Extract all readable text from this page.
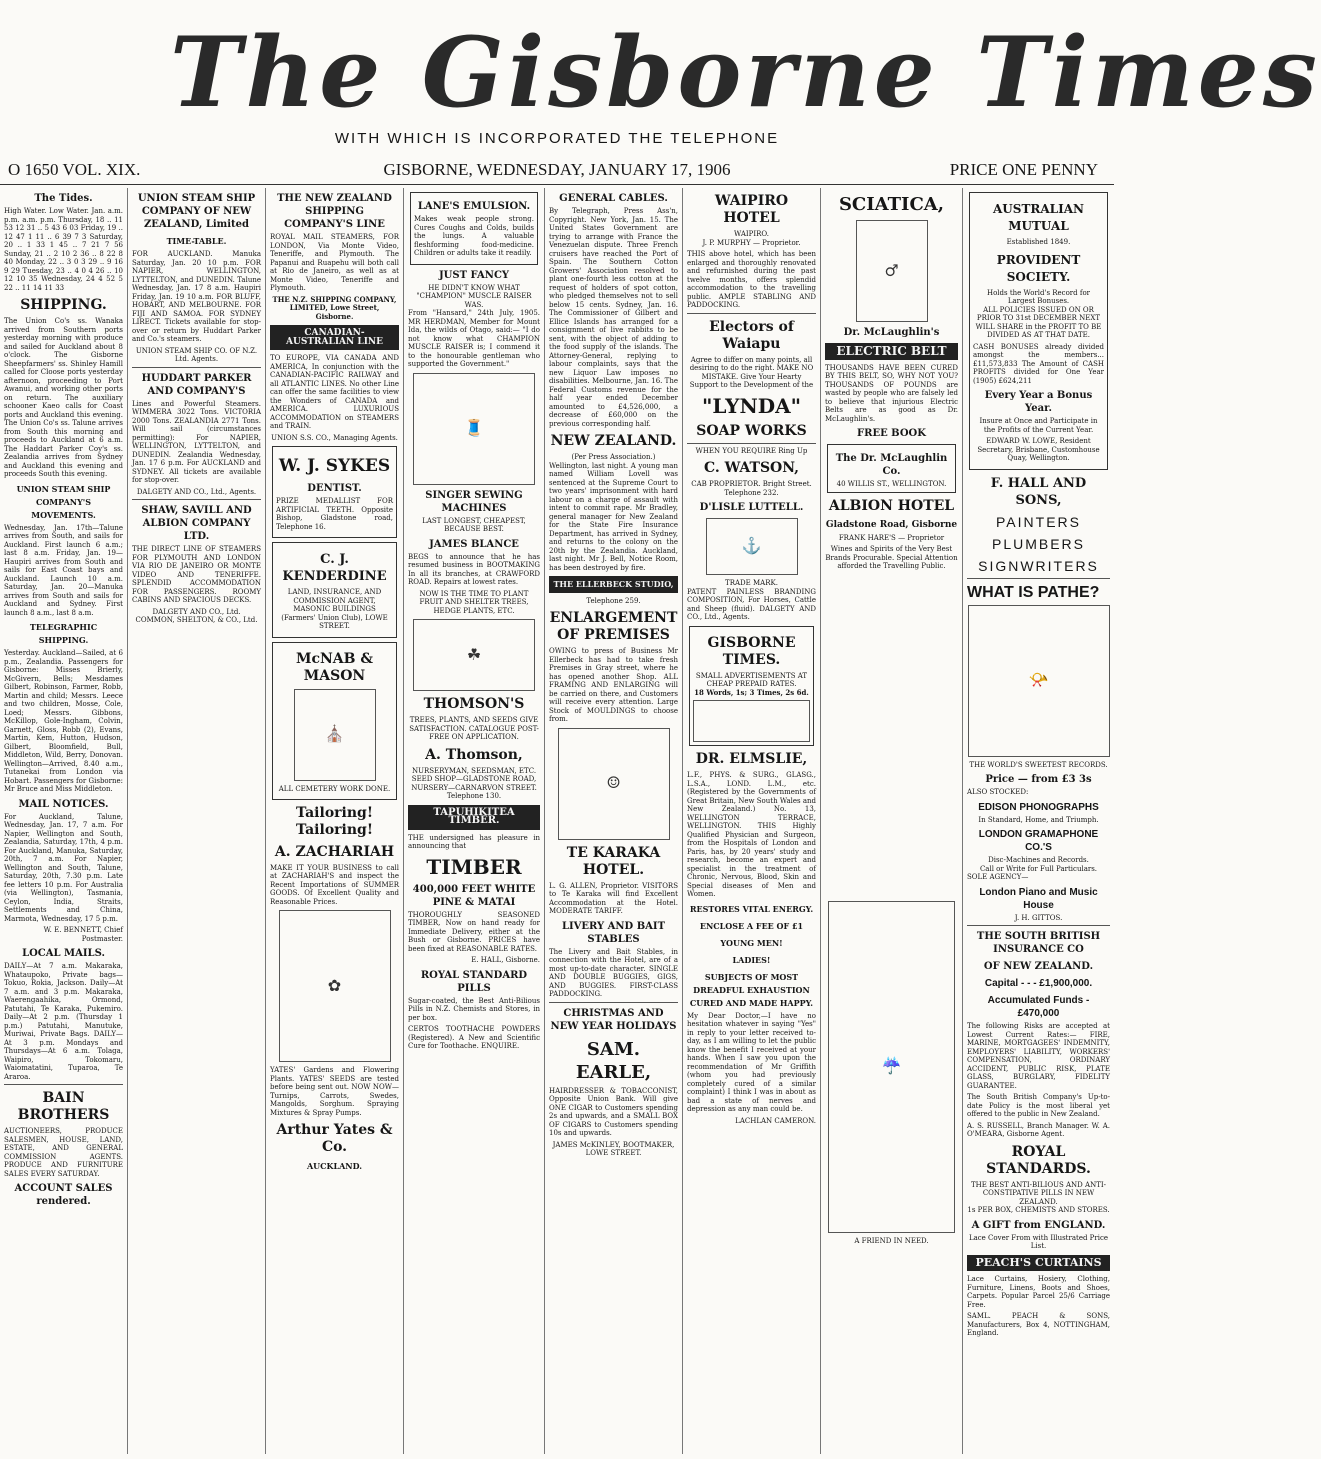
The Gisborne Times
WITH WHICH IS INCORPORATED THE TELEPHONE
O 1650 VOL. XIX.	GISBORNE, WEDNESDAY, JANUARY 17, 1906	PRICE ONE PENNY
The Tides.

High Water. Low Water. Jan. a.m. p.m. a.m. p.m. Thursday, 18 .. 11 53 12 31 .. 5 43 6 03 Friday, 19 .. 12 47 1 11 .. 6 39 7 3 Saturday, 20 .. 1 33 1 45 .. 7 21 7 56 Sunday, 21 .. 2 10 2 36 .. 8 22 8 40 Monday, 22 .. 3 0 3 29 .. 9 16 9 29 Tuesday, 23 .. 4 0 4 26 .. 10 12 10 35 Wednesday, 24 4 52 5 22 .. 11 14 11 33

SHIPPING.

The Union Co's ss. Wanaka arrived from Southern ports yesterday morning with produce and sailed for Auckland about 8 o'clock. The Gisborne Sheepfarmers' ss. Shinley Hamill called for Cloose ports yesterday afternoon, proceeding to Port Awanui, and working other ports on return. The auxiliary schooner Kaeo calls for Coast ports and Auckland this evening. The Union Co's ss. Talune arrives from South this morning and proceeds to Auckland at 6 a.m. The Haddart Parker Coy's ss. Zealandia arrives from Sydney and Auckland this evening and proceeds South this evening.

UNION STEAM SHIP COMPANY'S MOVEMENTS.

Wednesday, Jan. 17th—Talune arrives from South, and sails for Auckland. First launch 6 a.m.; last 8 a.m. Friday, Jan. 19—Haupiri arrives from South and sails for East Coast bays and Auckland. Launch 10 a.m. Saturday, Jan. 20—Manuka arrives from South and sails for Auckland and Sydney. First launch 8 a.m., last 8 a.m.

TELEGRAPHIC SHIPPING.

Yesterday. Auckland—Sailed, at 6 p.m., Zealandia. Passengers for Gisborne: Misses Brierly, McGivern, Bells; Mesdames Gilbert, Robinson, Farmer, Robb, Martin and child; Messrs. Leece and two children, Mosse, Cole, Loed; Messrs. Gibbons, McKillop, Gole-Ingham, Colvin, Garnett, Gloss, Robb (2), Evans, Martin, Kem, Hutton, Hudson, Gilbert, Bloomfield, Bull, Middleton, Wild, Berry, Donovan. Wellington—Arrived, 8.40 a.m., Tutanekai from London via Hobart. Passengers for Gisborne: Mr Bruce and Miss Middleton.

MAIL NOTICES.

For Auckland, Talune, Wednesday, Jan. 17, 7 a.m. For Napier, Wellington and South, Zealandia, Saturday, 17th, 4 p.m. For Auckland, Manuka, Saturday, 20th, 7 a.m. For Napier, Wellington and South, Talune, Saturday, 20th, 7.30 p.m. Late fee letters 10 p.m. For Australia (via Wellington), Tasmania, Ceylon, India, Straits, Settlements and China, Marmota, Wednesday, 17 5 p.m.

W. E. BENNETT, Chief Postmaster.

LOCAL MAILS.

DAILY—At 7 a.m. Makaraka, Whataupoko, Private bags—Tokuo, Rokia, Jackson. Daily—At 7 a.m. and 3 p.m. Makaraka, Waerengaahika, Ormond, Patutahi, Te Karaka, Pukemiro. Daily—At 2 p.m. (Thursday 1 p.m.) Patutahi, Manutuke, Muriwai, Private Bags. DAILY—At 3 p.m. Mondays and Thursdays—At 6 a.m. Tolaga, Waipiro, Tokomaru, Waiomatatini, Tuparoa, Te Araroa.

BAIN BROTHERS

AUCTIONEERS, PRODUCE SALESMEN, HOUSE, LAND, ESTATE, AND GENERAL COMMISSION AGENTS. PRODUCE AND FURNITURE SALES EVERY SATURDAY.

ACCOUNT SALES rendered.
UNION STEAM SHIP COMPANY OF NEW ZEALAND, Limited
TIME-TABLE.

FOR AUCKLAND. Manuka Saturday, Jan. 20 10 p.m. FOR NAPIER, WELLINGTON, LYTTELTON, and DUNEDIN. Talune Wednesday, Jan. 17 8 a.m. Haupiri Friday, Jan. 19 10 a.m. FOR BLUFF, HOBART, AND MELBOURNE. FOR FIJI AND SAMOA. FOR SYDNEY LIRECT. Tickets available for stop-over or return by Huddart Parker and Co.'s steamers.

UNION STEAM SHIP CO. OF N.Z. Ltd. Agents.

HUDDART PARKER AND COMPANY'S

Lines and Powerful Steamers. WIMMERA 3022 Tons. VICTORIA 2000 Tons. ZEALANDIA 2771 Tons. Will sail (circumstances permitting): For NAPIER, WELLINGTON, LYTTELTON, and DUNEDIN. Zealandia Wednesday, Jan. 17 6 p.m. For AUCKLAND and SYDNEY. All tickets are available for stop-over.

DALGETY AND CO., Ltd., Agents.

SHAW, SAVILL AND ALBION COMPANY LTD.

THE DIRECT LINE OF STEAMERS FOR PLYMOUTH AND LONDON VIA RIO DE JANEIRO OR MONTE VIDEO AND TENERIFFE. SPLENDID ACCOMMODATION FOR PASSENGERS. ROOMY CABINS AND SPACIOUS DECKS.

DALGETY AND CO., Ltd. COMMON, SHELTON, & CO., Ltd.

THE NEW ZEALAND SHIPPING COMPANY'S LINE

ROYAL MAIL STEAMERS, FOR LONDON, Via Monte Video, Teneriffe, and Plymouth. The Papanui and Ruapehu will both call at Rio de Janeiro, as well as at Monte Video, Teneriffe and Plymouth.

THE N.Z. SHIPPING COMPANY, LIMITED, Lowe Street, Gisborne.

CANADIAN-AUSTRALIAN LINE

TO EUROPE, VIA CANADA AND AMERICA, In conjunction with the CANADIAN-PACIFIC RAILWAY and all ATLANTIC LINES. No other Line can offer the same facilities to view the Wonders of CANADA and AMERICA. LUXURIOUS ACCOMMODATION on STEAMERS and TRAIN.

UNION S.S. CO., Managing Agents.

W. J. SYKES
DENTIST.

PRIZE MEDALLIST FOR ARTIFICIAL TEETH. Opposite Bishop, Gladstone road, Telephone 16.

C. J. KENDERDINE

LAND, INSURANCE, AND COMMISSION AGENT, MASONIC BUILDINGS (Farmers' Union Club), LOWE STREET.

McNAB & MASON
⛪
ALL CEMETERY WORK DONE.
Tailoring! Tailoring!
A. ZACHARIAH

MAKE IT YOUR BUSINESS to call at ZACHARIAH'S and inspect the Recent Importations of SUMMER GOODS. Of Excellent Quality and Reasonable Prices.

✿

YATES' Gardens and Flowering Plants. YATES' SEEDS are tested before being sent out. NOW NOW— Turnips, Carrots, Swedes, Mangolds, Sorghum. Spraying Mixtures & Spray Pumps.

Arthur Yates & Co.
AUCKLAND.
LANE'S EMULSION.

Makes weak people strong. Cures Coughs and Colds, builds the lungs. A valuable fleshforming food-medicine. Children or adults take it readily.

JUST FANCY
HE DIDN'T KNOW WHAT "CHAMPION" MUSCLE RAISER WAS.

From "Hansard," 24th July, 1905. MR HERDMAN, Member for Mount Ida, the wilds of Otago, said:— "I do not know what CHAMPION MUSCLE RAISER is; I commend it to the honourable gentleman who supported the Government."

🧵
SINGER SEWING MACHINES
LAST LONGEST, CHEAPEST, BECAUSE BEST.
JAMES BLANCE

BEGS to announce that he has resumed business in BOOTMAKING In all its branches, at CRAWFORD ROAD. Repairs at lowest rates.

NOW IS THE TIME TO PLANT FRUIT AND SHELTER TREES, HEDGE PLANTS, ETC.

☘
THOMSON'S

TREES, PLANTS, AND SEEDS GIVE SATISFACTION. CATALOGUE POST-FREE ON APPLICATION.

A. Thomson,

NURSERYMAN, SEEDSMAN, ETC. SEED SHOP—GLADSTONE ROAD, NURSERY—CARNARVON STREET. Telephone 130.

TAPUHIKITEA TIMBER.

THE undersigned has pleasure in announcing that

TIMBER
400,000 FEET WHITE PINE & MATAI

THOROUGHLY SEASONED TIMBER, Now on hand ready for Immediate Delivery, either at the Bush or Gisborne. PRICES have been fixed at REASONABLE RATES.

E. HALL, Gisborne.

ROYAL STANDARD PILLS

Sugar-coated, the Best Anti-Bilious Pills in N.Z. Chemists and Stores, in per box.

CERTOS TOOTHACHE POWDERS (Registered). A New and Scientific Cure for Toothache. ENQUIRE.

GENERAL CABLES.

By Telegraph, Press Ass'n, Copyright. New York, Jan. 15. The United States Government are trying to arrange with France the Venezuelan dispute. Three French cruisers have reached the Port of Spain. The Southern Cotton Growers' Association resolved to plant one-fourth less cotton at the request of holders of spot cotton, who pledged themselves not to sell below 15 cents. Sydney, Jan. 16. The Commissioner of Gilbert and Ellice Islands has arranged for a consignment of live rabbits to be sent, with the object of adding to the food supply of the islands. The Attorney-General, replying to labour complaints, says that the new Liquor Law imposes no disabilities. Melbourne, Jan. 16. The Federal Customs revenue for the half year ended December amounted to £4,526,000, a decrease of £60,000 on the previous corresponding half.

NEW ZEALAND.
(Per Press Association.)

Wellington, last night. A young man named William Lovell was sentenced at the Supreme Court to two years' imprisonment with hard labour on a charge of assault with intent to commit rape. Mr Bradley, general manager for New Zealand for the State Fire Insurance Department, has arrived in Sydney, and returns to the colony on the 20th by the Zealandia. Auckland, last night. Mr J. Bell, Notice Room, has been destroyed by fire.

THE ELLERBECK STUDIO,
Telephone 259.
ENLARGEMENT OF PREMISES

OWING to press of Business Mr Ellerbeck has had to take fresh Premises in Gray street, where he has opened another Shop. ALL FRAMING AND ENLARGING will be carried on there, and Customers will receive every attention. Large Stock of MOULDINGS to choose from.

☺
TE KARAKA HOTEL.

L. G. ALLEN, Proprietor. VISITORS to Te Karaka will find Excellent Accommodation at the Hotel. MODERATE TARIFF.

LIVERY AND BAIT STABLES

The Livery and Bait Stables, in connection with the Hotel, are of a most up-to-date character. SINGLE AND DOUBLE BUGGIES, GIGS, AND BUGGIES. FIRST-CLASS PADDOCKING.

CHRISTMAS AND NEW YEAR HOLIDAYS
SAM. EARLE,

HAIRDRESSER & TOBACCONIST, Opposite Union Bank. Will give ONE CIGAR to Customers spending 2s and upwards, and a SMALL BOX OF CIGARS to Customers spending 10s and upwards.

JAMES McKINLEY, BOOTMAKER, LOWE STREET.

WAIPIRO HOTEL
WAIPIRO.

J. P. MURPHY — Proprietor.

THIS above hotel, which has been enlarged and thoroughly renovated and refurnished during the past twelve months, offers splendid accommodation to the travelling public. AMPLE STABLING AND PADDOCKING.

Electors of Waiapu

Agree to differ on many points, all desiring to do the right. MAKE NO MISTAKE. Give Your Hearty Support to the Development of the

"LYNDA"
SOAP WORKS
WHEN YOU REQUIRE Ring Up
C. WATSON,
CAB PROPRIETOR. Bright Street. Telephone 232.
D'LISLE LUTTELL.
⚓
TRADE MARK.

PATENT PAINLESS BRANDING COMPOSITION, For Horses, Cattle and Sheep (fluid). DALGETY AND CO., Ltd., Agents.

GISBORNE TIMES.
SMALL ADVERTISEMENTS AT CHEAP PREPAID RATES.
18 Words, 1s; 3 Times, 2s 6d.
DR. ELMSLIE,

L.F., PHYS. & SURG., GLASG., L.S.A., LOND. L.M., etc. (Registered by the Governments of Great Britain, New South Wales and New Zealand.) No. 13, WELLINGTON TERRACE, WELLINGTON. THIS Highly Qualified Physician and Surgeon, from the Hospitals of London and Paris, has, by 20 years' study and research, become an expert and specialist in the treatment of Chronic, Nervous, Blood, Skin and Special diseases of Men and Women.

RESTORES VITAL ENERGY.
ENCLOSE A FEE OF £1
YOUNG MEN!
LADIES!
SUBJECTS OF MOST DREADFUL EXHAUSTION CURED AND MADE HAPPY.

My Dear Doctor,—I have no hesitation whatever in saying "Yes" in reply to your letter received to-day, as I am willing to let the public know the benefit I received at your hands. When I saw you upon the recommendation of Mr Griffith (whom you had previously completely cured of a similar complaint) I think I was in about as bad a state of nerves and depression as any man could be.

LACHLAN CAMERON.

SCIATICA,
♂
Dr. McLaughlin's
ELECTRIC BELT

THOUSANDS HAVE BEEN CURED BY THIS BELT, SO, WHY NOT YOU? THOUSANDS OF POUNDS are wasted by people who are falsely led to believe that injurious Electric Belts are as good as Dr. McLaughlin's.

FREE BOOK
The Dr. McLaughlin Co.
40 WILLIS ST., WELLINGTON.
ALBION HOTEL
Gladstone Road, Gisborne

FRANK HARE'S — Proprietor

Wines and Spirits of the Very Best Brands Procurable. Special Attention afforded the Travelling Public.

☔
A FRIEND IN NEED.
AUSTRALIAN MUTUAL
Established 1849.
PROVIDENT SOCIETY.
Holds the World's Record for Largest Bonuses.

ALL POLICIES ISSUED ON OR PRIOR TO 31st DECEMBER NEXT WILL SHARE in the PROFIT TO BE DIVIDED AS AT THAT DATE.

CASH BONUSES already divided amongst the members... £11,573,833 The Amount of CASH PROFITS divided for One Year (1905) £624,211

Every Year a Bonus Year.

Insure at Once and Participate in the Profits of the Current Year.

EDWARD W. LOWE, Resident Secretary, Brisbane, Customhouse Quay, Wellington.

F. HALL AND SONS,
PAINTERS
PLUMBERS
SIGNWRITERS
WHAT IS PATHE?
📯
THE WORLD'S SWEETEST RECORDS.
Price — from £3 3s
ALSO STOCKED:
EDISON PHONOGRAPHS
In Standard, Home, and Triumph.
LONDON GRAMAPHONE CO.'S
Disc-Machines and Records.
Call or Write for Full Particulars.
SOLE AGENCY—
London Piano and Music House
J. H. GITTOS.
THE SOUTH BRITISH INSURANCE CO
OF NEW ZEALAND.
Capital - - - £1,900,000.
Accumulated Funds - £470,000

The following Risks are accepted at Lowest Current Rates:— FIRE, MARINE, MORTGAGEES' INDEMNITY, EMPLOYERS' LIABILITY, WORKERS' COMPENSATION, ORDINARY ACCIDENT, PUBLIC RISK, PLATE GLASS, BURGLARY, FIDELITY GUARANTEE.

The South British Company's Up-to-date Policy is the most liberal yet offered to the public in New Zealand.

A. S. RUSSELL, Branch Manager. W. A. O'MEARA, Gisborne Agent.

ROYAL STANDARDS.
THE BEST ANTI-BILIOUS AND ANTI-CONSTIPATIVE PILLS IN NEW ZEALAND.
1s PER BOX, CHEMISTS AND STORES.
A GIFT from ENGLAND.
Lace Cover From with Illustrated Price List.
PEACH'S CURTAINS

Lace Curtains, Hosiery, Clothing, Furniture, Linens, Boots and Shoes, Carpets. Popular Parcel 25/6 Carriage Free.

SAML. PEACH & SONS, Manufacturers, Box 4, NOTTINGHAM, England.
